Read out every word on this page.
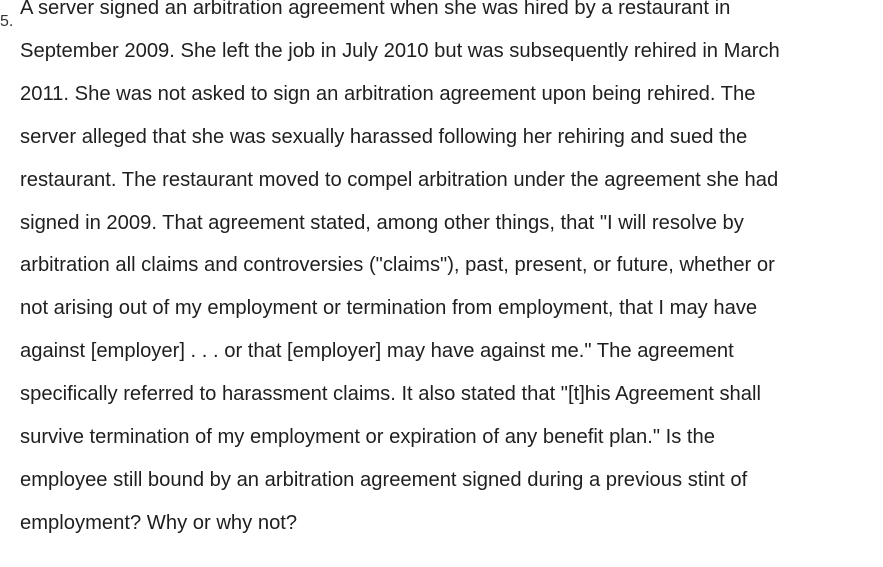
5.
A server signed an arbitration agreement when she was hired by a restaurant in
September 2009. She left the job in July 2010 but was subsequently rehired in March
2011. She was not asked to sign an arbitration agreement upon being rehired. The
server alleged that she was sexually harassed following her rehiring and sued the
restaurant. The restaurant moved to compel arbitration under the agreement she had
signed in 2009. That agreement stated, among other things, that "I will resolve by
arbitration all claims and controversies ("claims"), past, present, or future, whether or
not arising out of my employment or termination from employment, that I may have
against [employer] . . . or that [employer] may have against me." The agreement
specifically referred to harassment claims. It also stated that "[t]his Agreement shall
survive termination of my employment or expiration of any benefit plan." Is the
employee still bound by an arbitration agreement signed during a previous stint of
employment? Why or why not?
